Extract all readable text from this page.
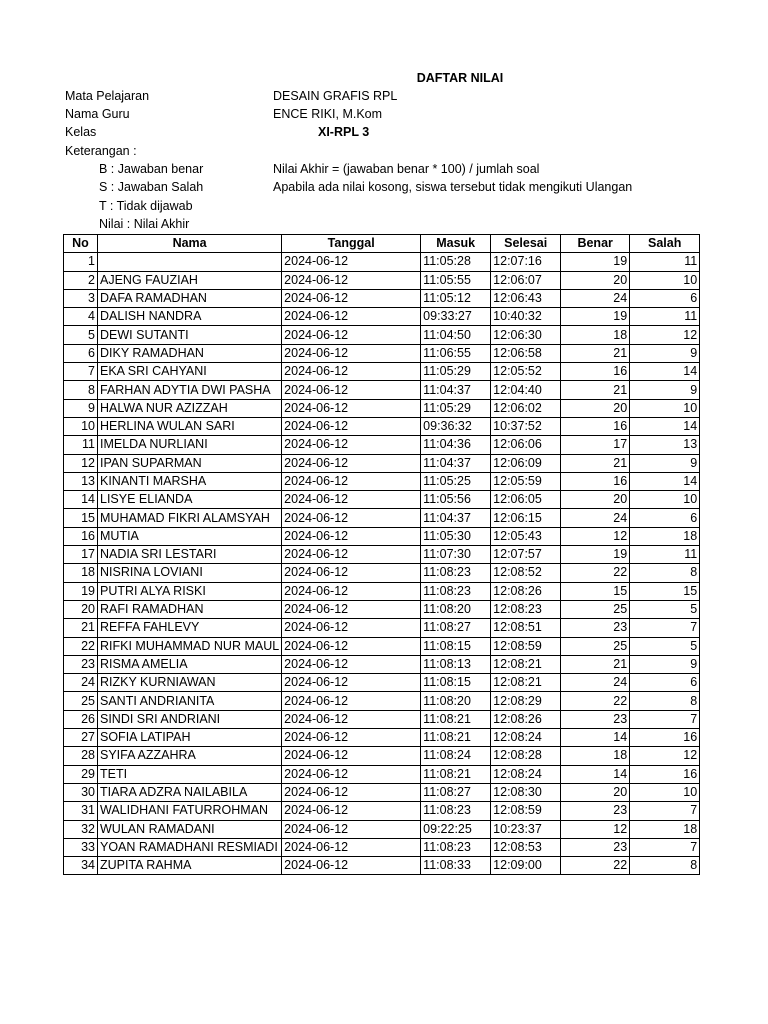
DAFTAR NILAI
Mata Pelajaran	DESAIN GRAFIS RPL
Nama Guru	ENCE RIKI, M.Kom
Kelas	XI-RPL 3
Keterangan :
B : Jawaban benar	Nilai Akhir = (jawaban benar * 100) / jumlah soal
S : Jawaban Salah	Apabila ada nilai kosong, siswa tersebut tidak mengikuti Ulangan
T : Tidak dijawab
Nilai : Nilai Akhir
No	Nama	Tanggal	Masuk	Selesai	Benar	Salah
1		2024-06-12	11:05:28	12:07:16	19	11
2	AJENG FAUZIAH	2024-06-12	11:05:55	12:06:07	20	10
3	DAFA RAMADHAN	2024-06-12	11:05:12	12:06:43	24	6
4	DALISH NANDRA	2024-06-12	09:33:27	10:40:32	19	11
5	DEWI SUTANTI	2024-06-12	11:04:50	12:06:30	18	12
6	DIKY RAMADHAN	2024-06-12	11:06:55	12:06:58	21	9
7	EKA SRI CAHYANI	2024-06-12	11:05:29	12:05:52	16	14
8	FARHAN ADYTIA DWI PASHA	2024-06-12	11:04:37	12:04:40	21	9
9	HALWA NUR AZIZZAH	2024-06-12	11:05:29	12:06:02	20	10
10	HERLINA WULAN SARI	2024-06-12	09:36:32	10:37:52	16	14
11	IMELDA NURLIANI	2024-06-12	11:04:36	12:06:06	17	13
12	IPAN SUPARMAN	2024-06-12	11:04:37	12:06:09	21	9
13	KINANTI MARSHA	2024-06-12	11:05:25	12:05:59	16	14
14	LISYE ELIANDA	2024-06-12	11:05:56	12:06:05	20	10
15	MUHAMAD FIKRI ALAMSYAH	2024-06-12	11:04:37	12:06:15	24	6
16	MUTIA	2024-06-12	11:05:30	12:05:43	12	18
17	NADIA SRI LESTARI	2024-06-12	11:07:30	12:07:57	19	11
18	NISRINA LOVIANI	2024-06-12	11:08:23	12:08:52	22	8
19	PUTRI ALYA RISKI	2024-06-12	11:08:23	12:08:26	15	15
20	RAFI RAMADHAN	2024-06-12	11:08:20	12:08:23	25	5
21	REFFA FAHLEVY	2024-06-12	11:08:27	12:08:51	23	7
22	RIFKI MUHAMMAD NUR MAUL	2024-06-12	11:08:15	12:08:59	25	5
23	RISMA AMELIA	2024-06-12	11:08:13	12:08:21	21	9
24	RIZKY KURNIAWAN	2024-06-12	11:08:15	12:08:21	24	6
25	SANTI ANDRIANITA	2024-06-12	11:08:20	12:08:29	22	8
26	SINDI SRI ANDRIANI	2024-06-12	11:08:21	12:08:26	23	7
27	SOFIA LATIPAH	2024-06-12	11:08:21	12:08:24	14	16
28	SYIFA AZZAHRA	2024-06-12	11:08:24	12:08:28	18	12
29	TETI	2024-06-12	11:08:21	12:08:24	14	16
30	TIARA ADZRA NAILABILA	2024-06-12	11:08:27	12:08:30	20	10
31	WALIDHANI FATURROHMAN	2024-06-12	11:08:23	12:08:59	23	7
32	WULAN RAMADANI	2024-06-12	09:22:25	10:23:37	12	18
33	YOAN RAMADHANI RESMIADI	2024-06-12	11:08:23	12:08:53	23	7
34	ZUPITA RAHMA	2024-06-12	11:08:33	12:09:00	22	8
